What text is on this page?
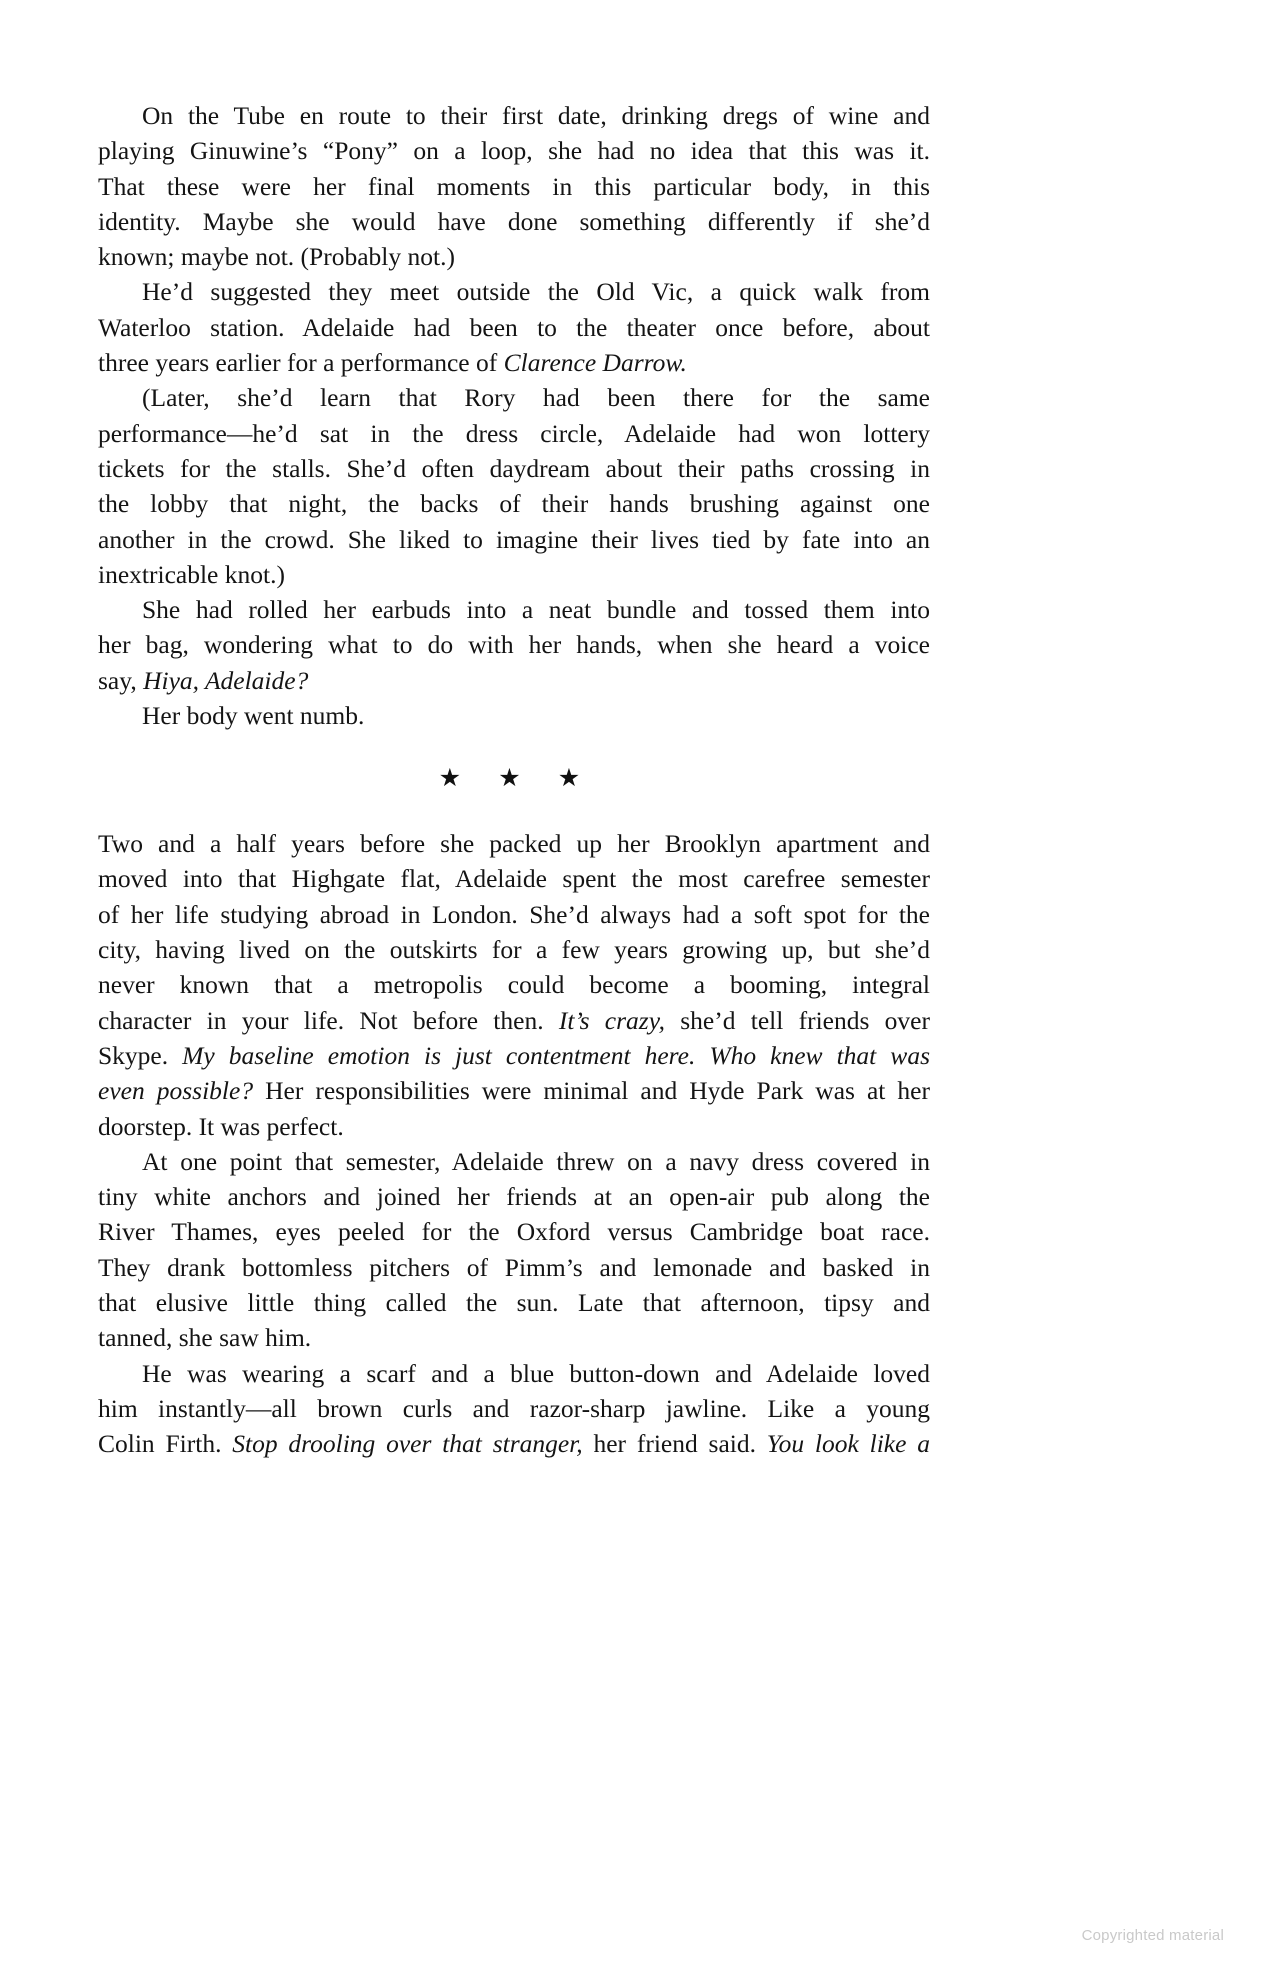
On the Tube en route to their first date, drinking dregs of wine and
playing Ginuwine’s “Pony” on a loop, she had no idea that this was it.
That these were her final moments in this particular body, in this
identity. Maybe she would have done something differently if she’d
known; maybe not. (Probably not.)
He’d suggested they meet outside the Old Vic, a quick walk from
Waterloo station. Adelaide had been to the theater once before, about
three years earlier for a performance of Clarence Darrow.
(Later, she’d learn that Rory had been there for the same
performance—he’d sat in the dress circle, Adelaide had won lottery
tickets for the stalls. She’d often daydream about their paths crossing in
the lobby that night, the backs of their hands brushing against one
another in the crowd. She liked to imagine their lives tied by fate into an
inextricable knot.)
She had rolled her earbuds into a neat bundle and tossed them into
her bag, wondering what to do with her hands, when she heard a voice
say, Hiya, Adelaide?
Her body went numb.
★ ★ ★
Two and a half years before she packed up her Brooklyn apartment and
moved into that Highgate flat, Adelaide spent the most carefree semester
of her life studying abroad in London. She’d always had a soft spot for the
city, having lived on the outskirts for a few years growing up, but she’d
never known that a metropolis could become a booming, integral
character in your life. Not before then. It’s crazy, she’d tell friends over
Skype. My baseline emotion is just contentment here. Who knew that was
even possible? Her responsibilities were minimal and Hyde Park was at her
doorstep. It was perfect.
At one point that semester, Adelaide threw on a navy dress covered in
tiny white anchors and joined her friends at an open-air pub along the
River Thames, eyes peeled for the Oxford versus Cambridge boat race.
They drank bottomless pitchers of Pimm’s and lemonade and basked in
that elusive little thing called the sun. Late that afternoon, tipsy and
tanned, she saw him.
He was wearing a scarf and a blue button-down and Adelaide loved
him instantly—all brown curls and razor-sharp jawline. Like a young
Colin Firth. Stop drooling over that stranger, her friend said. You look like a
Copyrighted material
